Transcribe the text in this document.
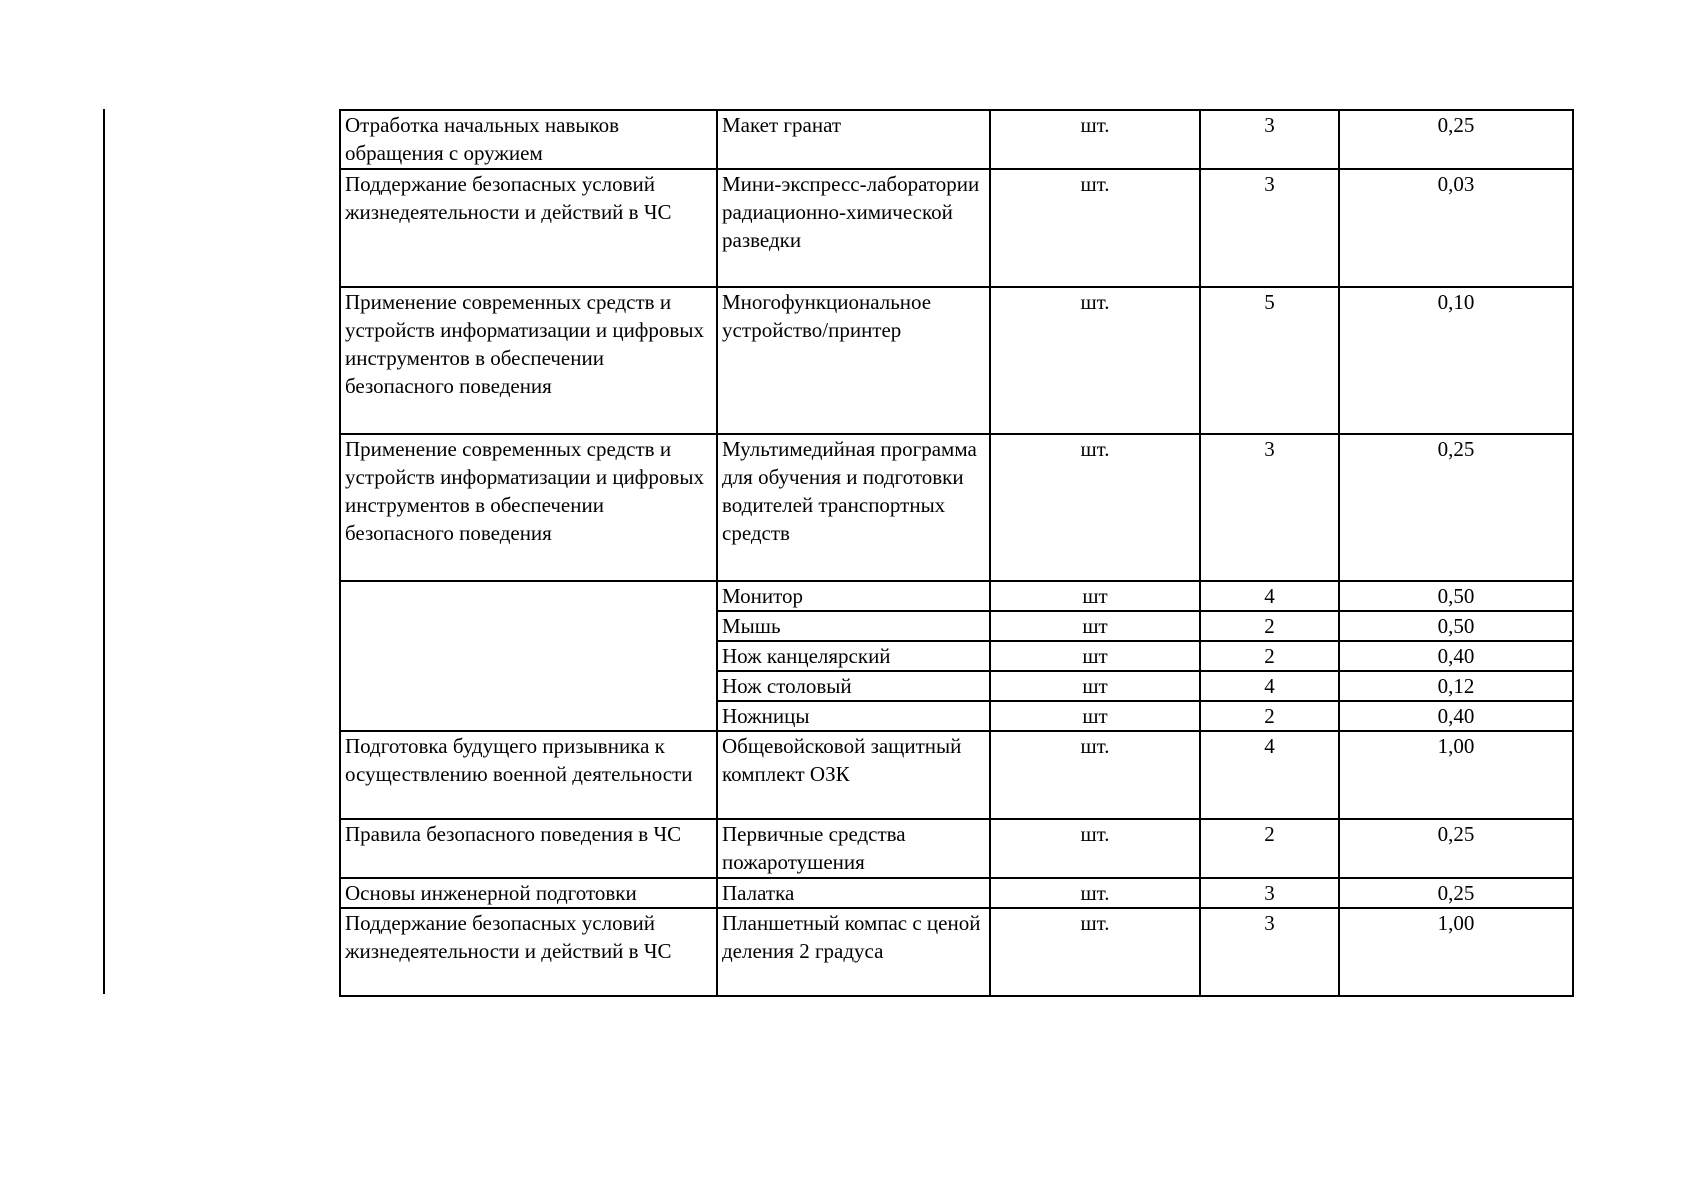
Отработка начальных навыков обращения с оружием	Макет гранат	шт.	3	0,25
Поддержание безопасных условий жизнедеятельности и действий в ЧС	Мини-экспресс-лаборатории радиационно-химической разведки	шт.	3	0,03
Применение современных средств и устройств информатизации и цифровых инструментов в обеспечении безопасного поведения	Многофункциональное устройство/принтер	шт.	5	0,10
Применение современных средств и устройств информатизации и цифровых инструментов в обеспечении безопасного поведения	Мультимедийная программа для обучения и подготовки водителей транспортных средств	шт.	3	0,25
	Монитор	шт	4	0,50
	Мышь	шт	2	0,50
	Нож канцелярский	шт	2	0,40
	Нож столовый	шт	4	0,12
	Ножницы	шт	2	0,40
Подготовка будущего призывника к осуществлению военной деятельности	Общевойсковой защитный комплект ОЗК	шт.	4	1,00
Правила безопасного поведения в ЧС	Первичные средства пожаротушения	шт.	2	0,25
Основы инженерной подготовки	Палатка	шт.	3	0,25
Поддержание безопасных условий жизнедеятельности и действий в ЧС	Планшетный компас с ценой деления 2 градуса	шт.	3	1,00
